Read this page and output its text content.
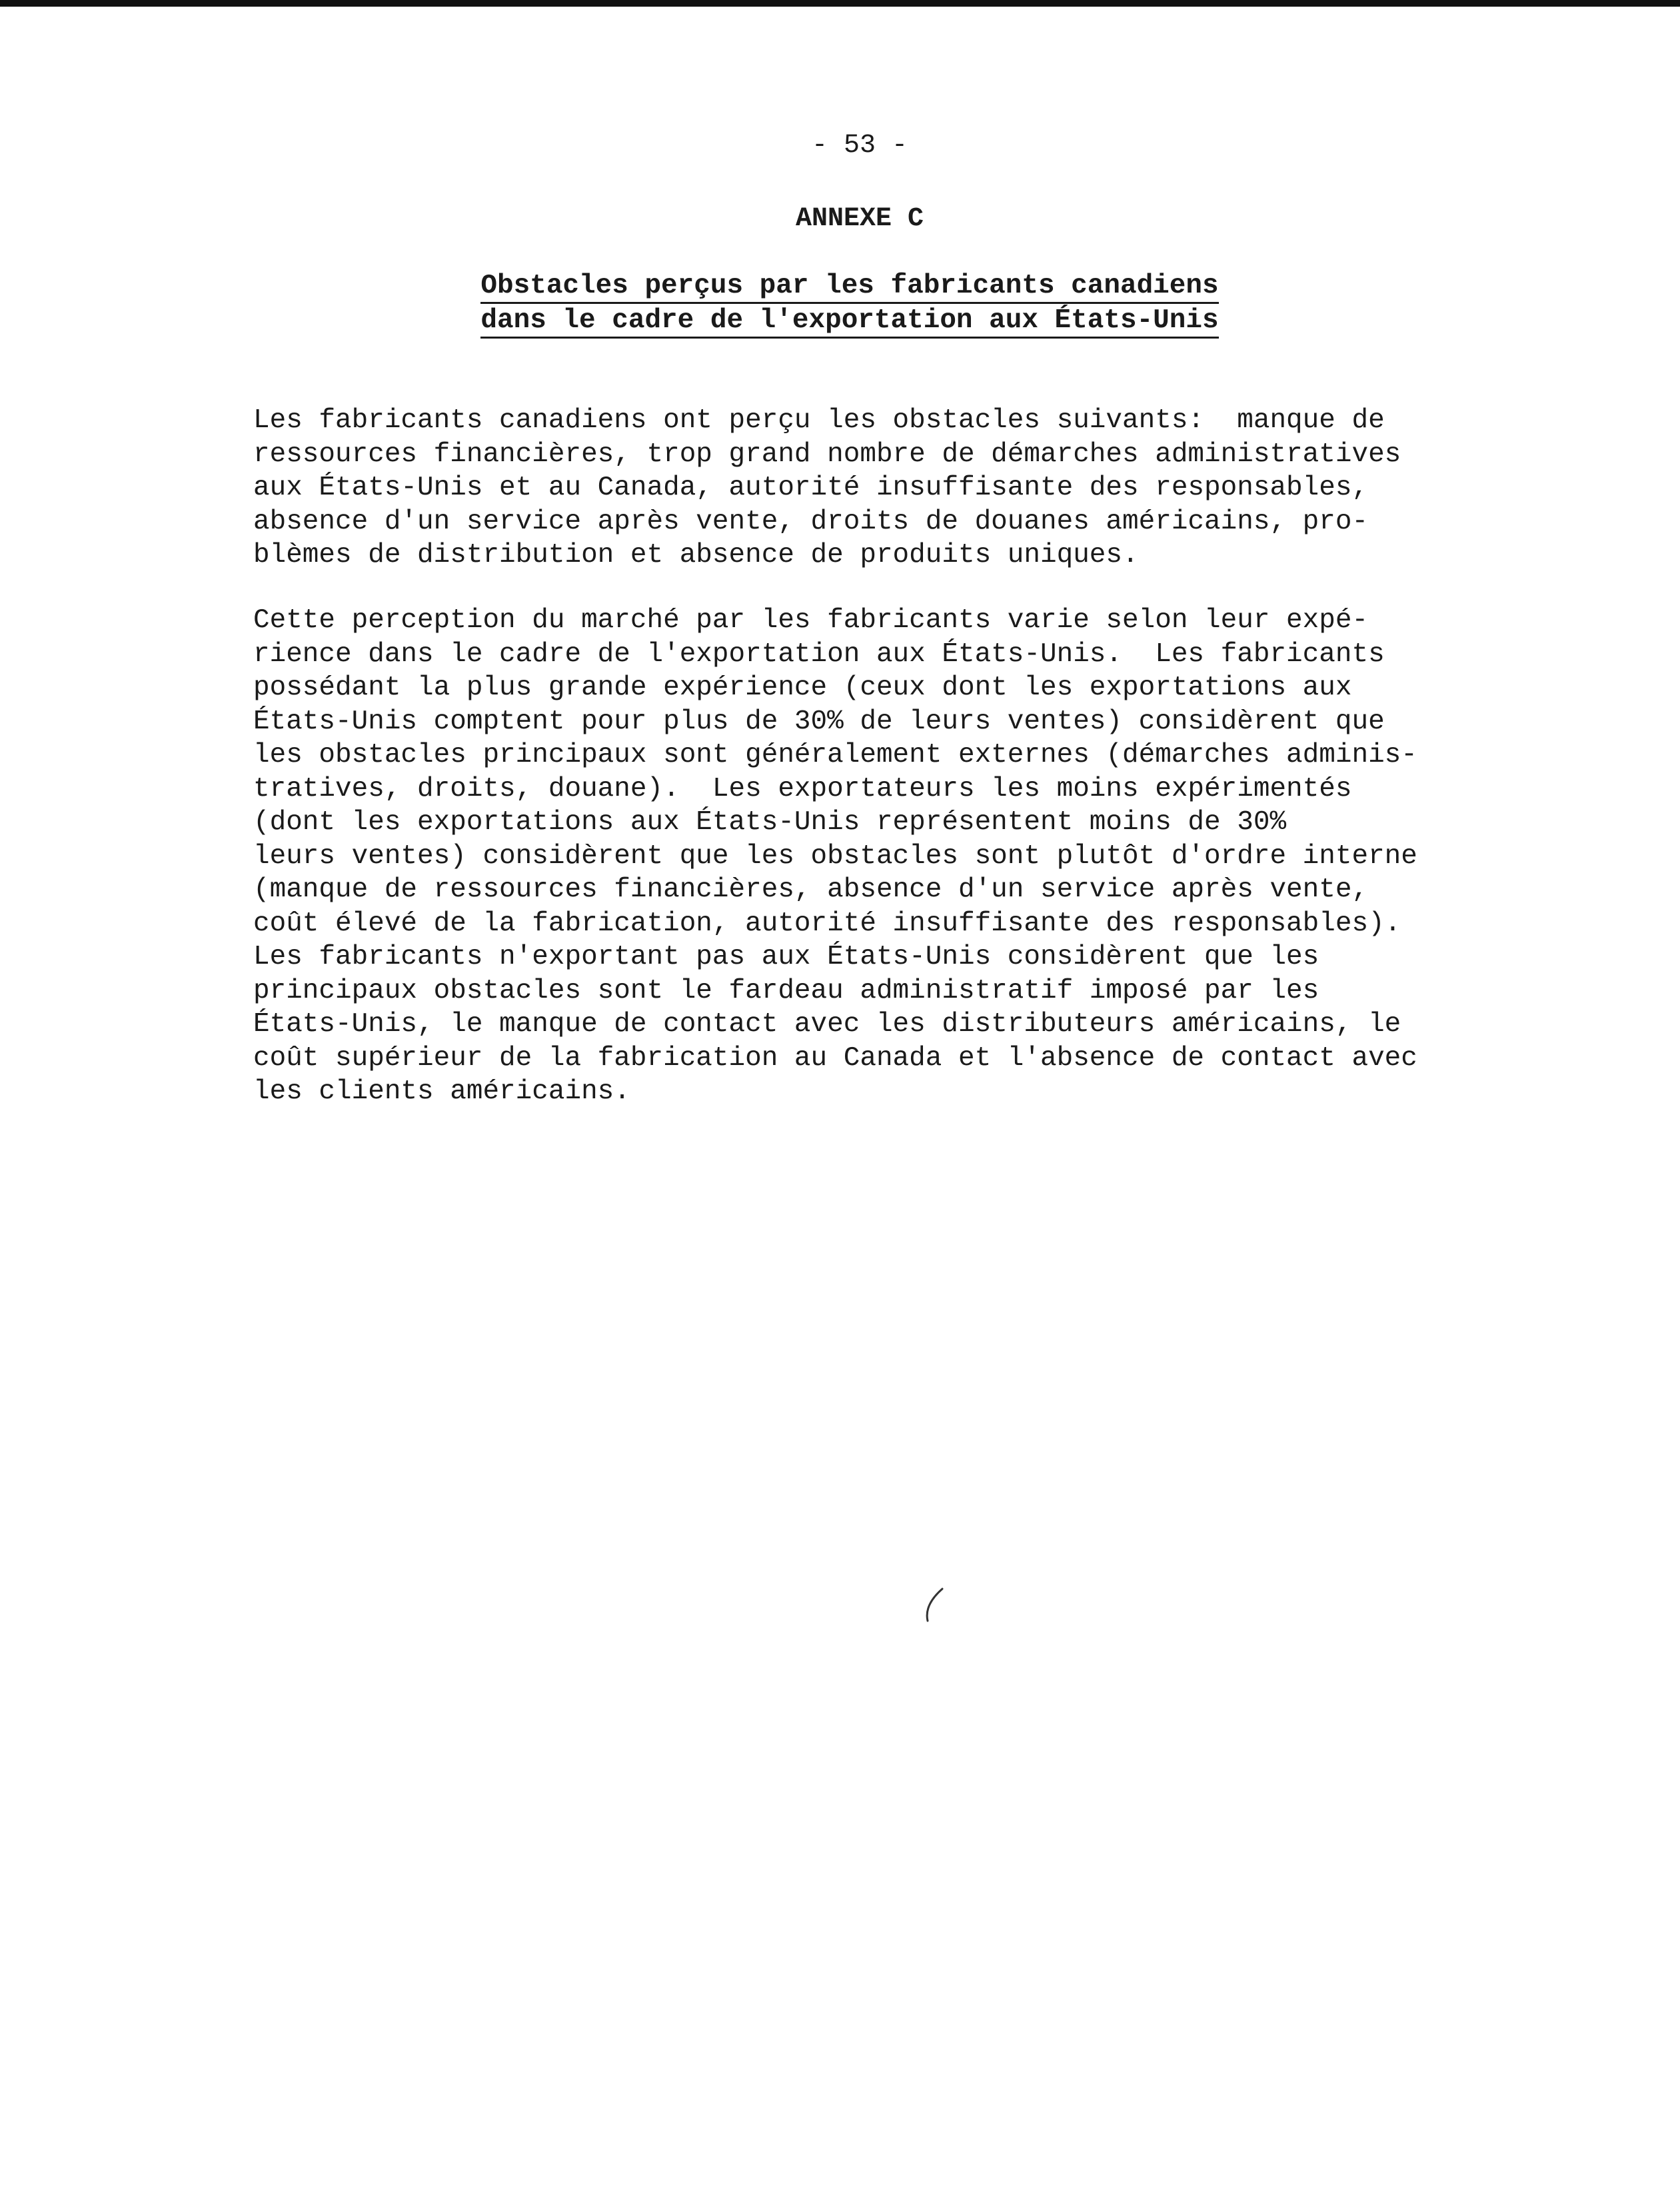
- 53 -
ANNEXE C
Obstacles perçus par les fabricants canadiens
dans le cadre de l'exportation aux États-Unis
Les fabricants canadiens ont perçu les obstacles suivants:  manque de
ressources financières, trop grand nombre de démarches administratives
aux États-Unis et au Canada, autorité insuffisante des responsables,
absence d'un service après vente, droits de douanes américains, pro-
blèmes de distribution et absence de produits uniques.
Cette perception du marché par les fabricants varie selon leur expé-
rience dans le cadre de l'exportation aux États-Unis.  Les fabricants
possédant la plus grande expérience (ceux dont les exportations aux
États-Unis comptent pour plus de 30% de leurs ventes) considèrent que
les obstacles principaux sont généralement externes (démarches adminis-
tratives, droits, douane).  Les exportateurs les moins expérimentés
(dont les exportations aux États-Unis représentent moins de 30%
leurs ventes) considèrent que les obstacles sont plutôt d'ordre interne
(manque de ressources financières, absence d'un service après vente,
coût élevé de la fabrication, autorité insuffisante des responsables).
Les fabricants n'exportant pas aux États-Unis considèrent que les
principaux obstacles sont le fardeau administratif imposé par les
États-Unis, le manque de contact avec les distributeurs américains, le
coût supérieur de la fabrication au Canada et l'absence de contact avec
les clients américains.
